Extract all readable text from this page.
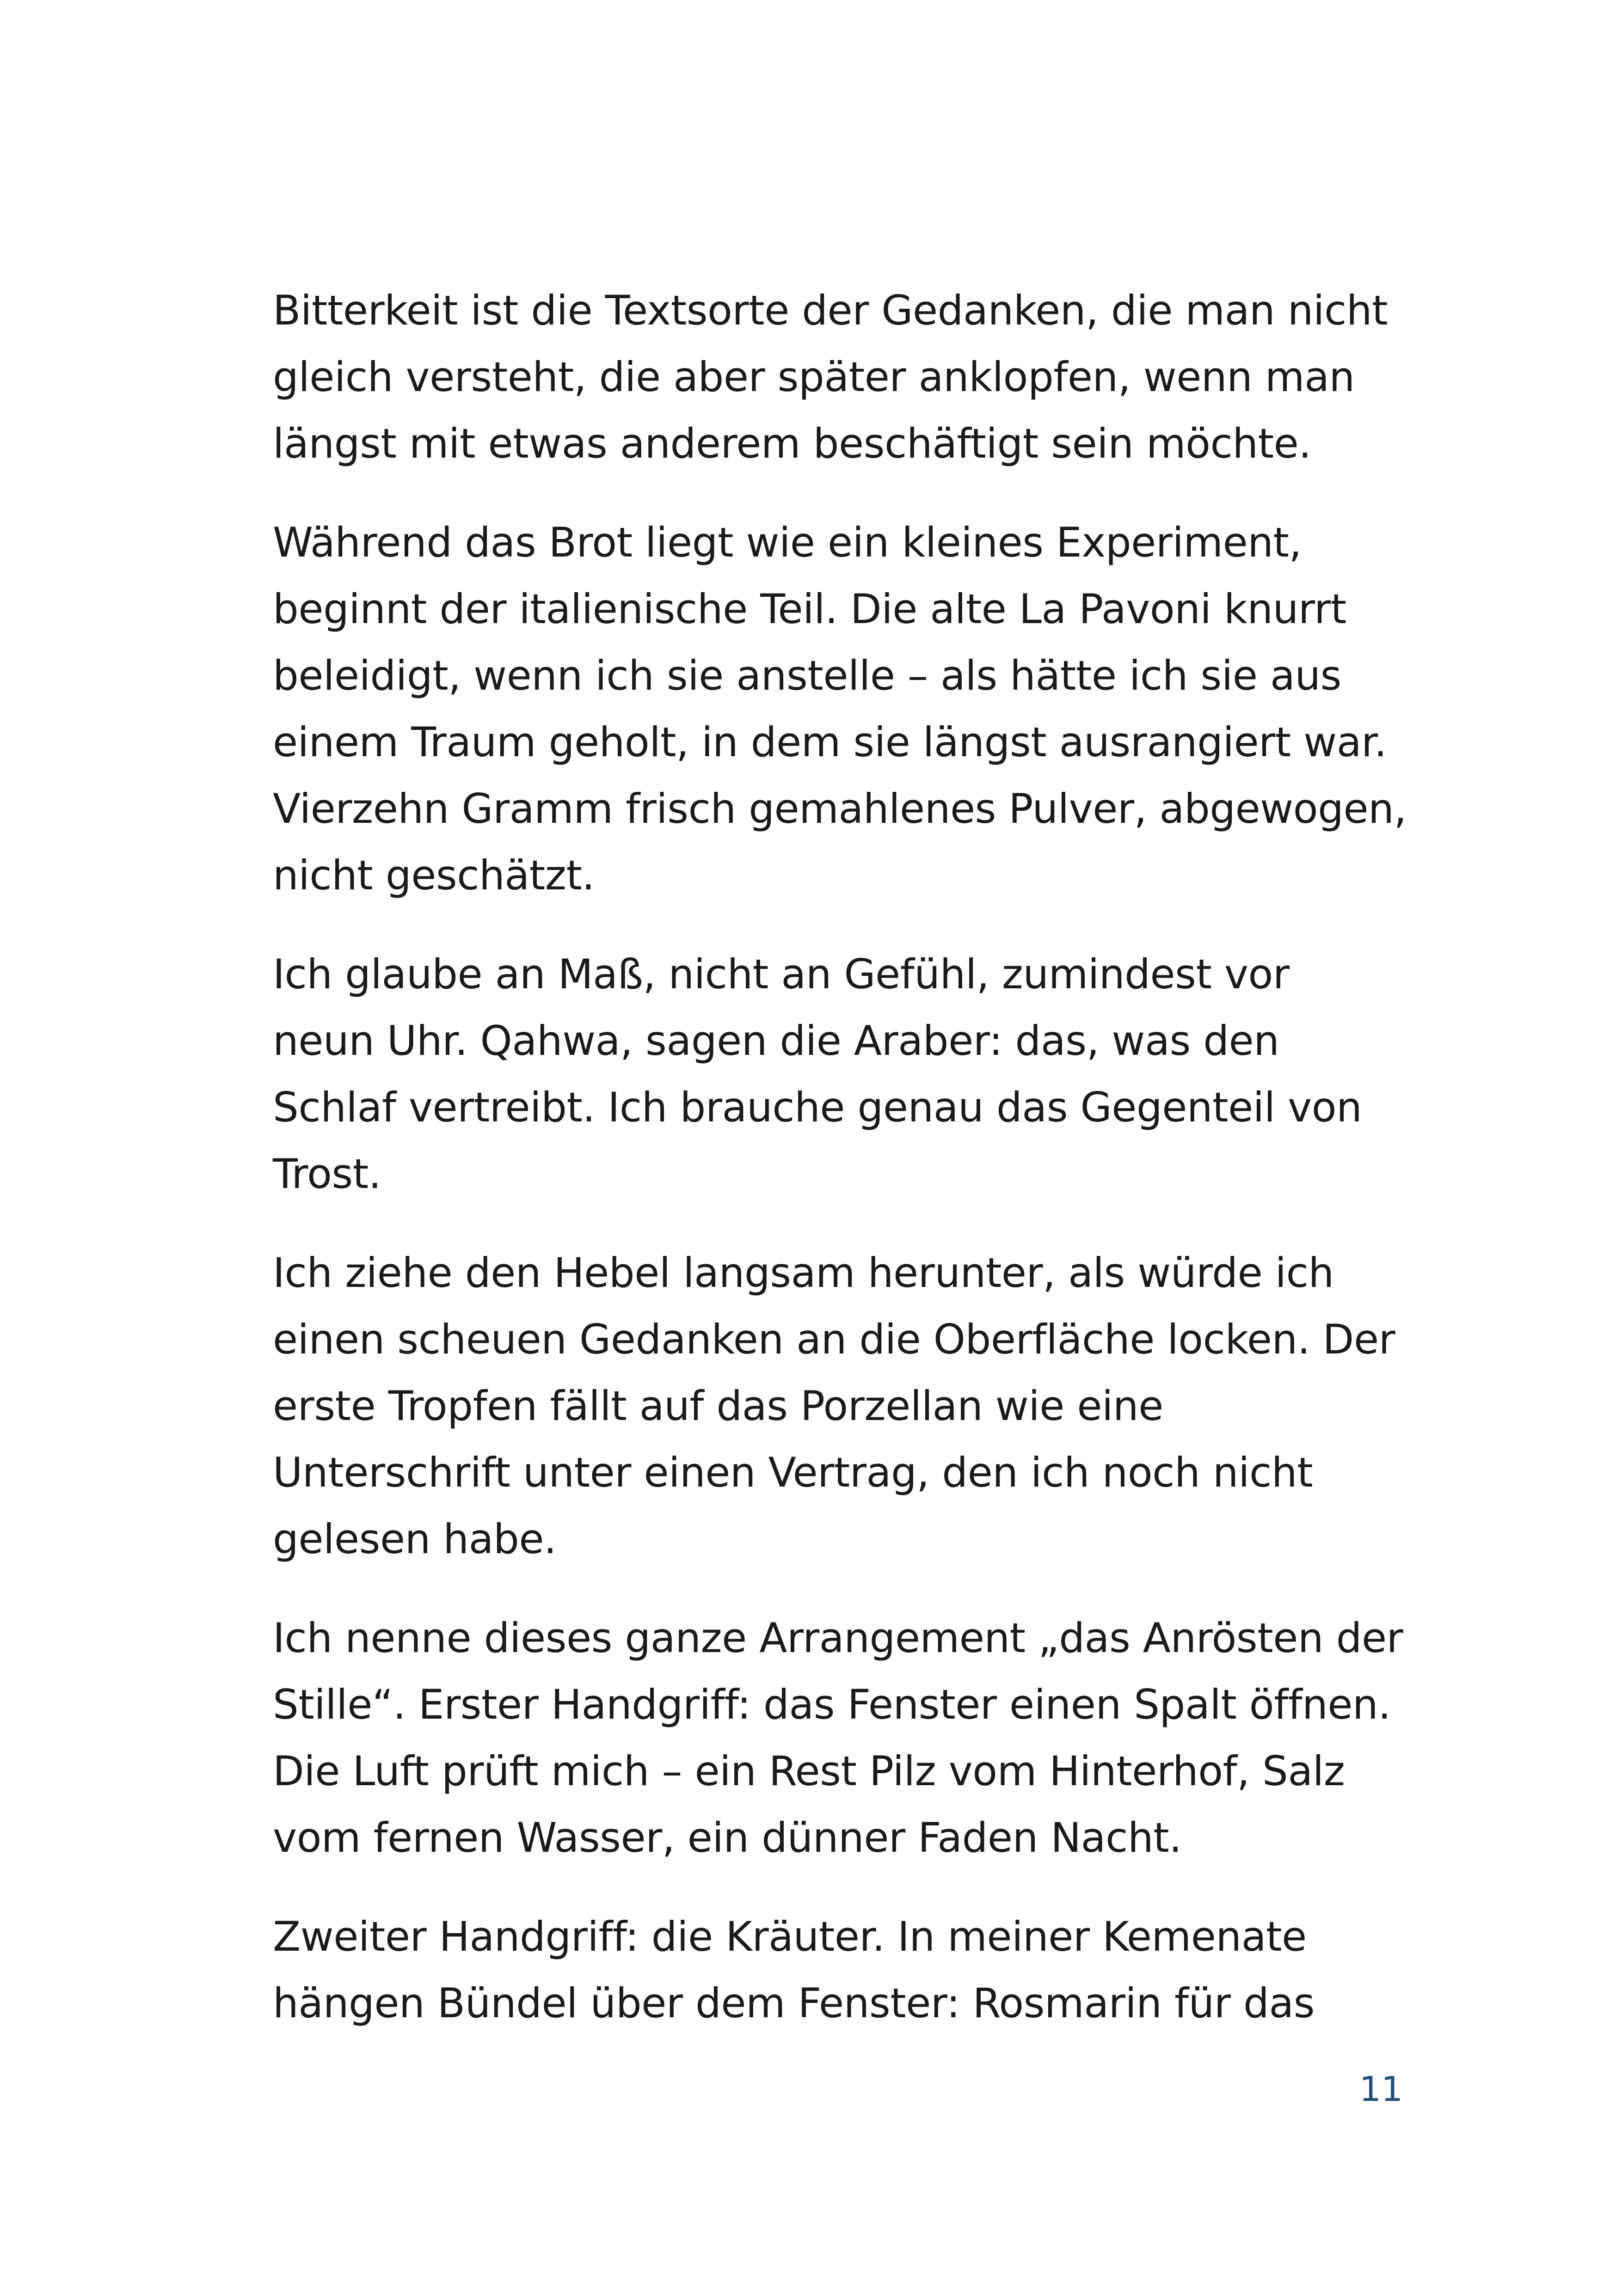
Bitterkeit ist die Textsorte der Gedanken, die man nicht
gleich versteht, die aber später anklopfen, wenn man
längst mit etwas anderem beschäftigt sein möchte.

Während das Brot liegt wie ein kleines Experiment,
beginnt der italienische Teil. Die alte La Pavoni knurrt
beleidigt, wenn ich sie anstelle – als hätte ich sie aus
einem Traum geholt, in dem sie längst ausrangiert war.
Vierzehn Gramm frisch gemahlenes Pulver, abgewogen,
nicht geschätzt.

Ich glaube an Maß, nicht an Gefühl, zumindest vor
neun Uhr. Qahwa, sagen die Araber: das, was den
Schlaf vertreibt. Ich brauche genau das Gegenteil von
Trost.

Ich ziehe den Hebel langsam herunter, als würde ich
einen scheuen Gedanken an die Oberfläche locken. Der
erste Tropfen fällt auf das Porzellan wie eine
Unterschrift unter einen Vertrag, den ich noch nicht
gelesen habe.

Ich nenne dieses ganze Arrangement „das Anrösten der
Stille“. Erster Handgriff: das Fenster einen Spalt öffnen.
Die Luft prüft mich – ein Rest Pilz vom Hinterhof, Salz
vom fernen Wasser, ein dünner Faden Nacht.

Zweiter Handgriff: die Kräuter. In meiner Kemenate
hängen Bündel über dem Fenster: Rosmarin für das

11
